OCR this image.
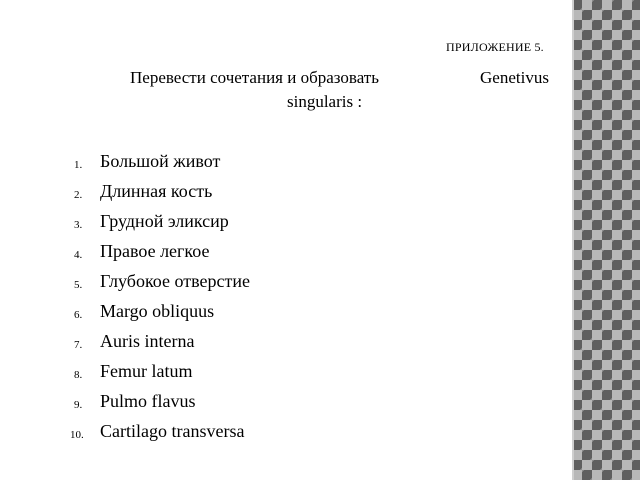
ПРИЛОЖЕНИЕ 5.
Перевести сочетания и образовать	Genetivus
singularis :
1. Большой живот
2. Длинная кость
3. Грудной эликсир
4. Правое легкое
5. Глубокое отверстие
6. Margo obliquus
7. Auris interna
8. Femur latum
9. Pulmo flavus
10. Cartilago transversa
